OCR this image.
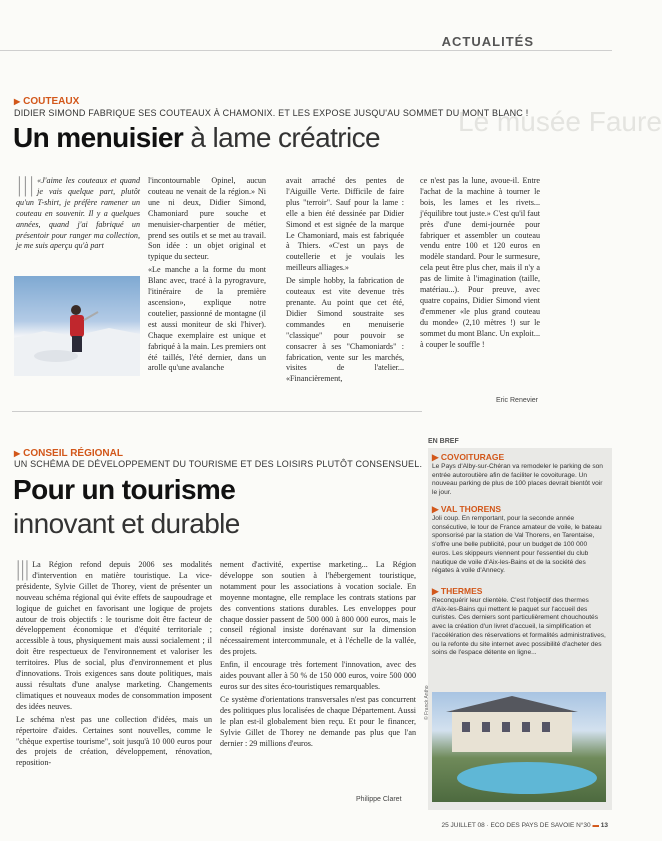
ACTUALITÉS
Le musée Faure
▶ COUTEAUX
DIDIER SIMOND FABRIQUE SES COUTEAUX À CHAMONIX. ET LES EXPOSE JUSQU'AU SOMMET DU MONT BLANC !
Un menuisier à lame créatrice
||| «J'aime les couteaux et quand je vais quelque part, plutôt qu'un T-shirt, je préfère ramener un couteau en souvenir. Il y a quelques années, quand j'ai fabriqué un présentoir pour ranger ma collection, je me suis aperçu qu'à part

l'incontournable Opinel, aucun couteau ne venait de la région.» Ni une ni deux, Didier Simond, Chamoniard pure souche et menuisier-charpentier de métier, prend ses outils et se met au travail. Son idée : un objet original et typique du secteur.

«Le manche a la forme du mont Blanc avec, tracé à la pyrogravure, l'itinéraire de la première ascension», explique notre coutelier, passionné de montagne (il est aussi moniteur de ski l'hiver). Chaque exemplaire est unique et fabriqué à la main. Les premiers ont été taillés, l'été dernier, dans un arolle qu'une avalanche

avait arraché des pentes de l'Aiguille Verte. Difficile de faire plus "terroir". Sauf pour la lame : elle a bien été dessinée par Didier Simond et est signée de la marque Le Chamoniard, mais est fabriquée à Thiers. «C'est un pays de coutellerie et je voulais les meilleurs alliages.»

De simple hobby, la fabrication de couteaux est vite devenue très prenante. Au point que cet été, Didier Simond soustraite ses commandes en menuiserie "classique" pour pouvoir se consacrer à ses "Chamoniards" : fabrication, vente sur les marchés, visites de l'atelier... «Financièrement,

ce n'est pas la lune, avoue-il. Entre l'achat de la machine à tourner le bois, les lames et les rivets... j'équilibre tout juste.» C'est qu'il faut près d'une demi-journée pour fabriquer et assembler un couteau vendu entre 100 et 120 euros en modèle standard. Pour le surmesure, cela peut être plus cher, mais il n'y a pas de limite à l'imagination (taille, matériau...). Pour preuve, avec quatre copains, Didier Simond vient d'emmener «le plus grand couteau du monde» (2,10 mètres !) sur le sommet du mont Blanc. Un exploit... à couper le souffle !

Eric Renevier
▶ CONSEIL RÉGIONAL
UN SCHÉMA DE DÉVELOPPEMENT DU TOURISME ET DES LOISIRS PLUTÔT CONSENSUEL.
Pour un tourisme
innovant et durable
||| La Région refond depuis 2006 ses modalités d'intervention en matière touristique. La vice-présidente, Sylvie Gillet de Thorey, vient de présenter un nouveau schéma régional qui évite effets de saupoudrage et logique de guichet en favorisant une logique de projets autour de trois objectifs : le tourisme doit être facteur de développement économique et d'équité territoriale ; accessible à tous, physiquement mais aussi socialement ; il doit être respectueux de l'environnement et valoriser les territoires. Plus de social, plus d'environnement et plus d'innovations. Trois exigences sans doute politiques, mais aussi résultats d'une analyse marketing. Changements climatiques et nouveaux modes de consommation imposent des idées neuves.

Le schéma n'est pas une collection d'idées, mais un répertoire d'aides. Certaines sont nouvelles, comme le "chèque expertise tourisme", soit jusqu'à 10 000 euros pour des projets de création, développement, rénovation, reposition-

nement d'activité, expertise marketing... La Région développe son soutien à l'hébergement touristique, notamment pour les associations à vocation sociale. En moyenne montagne, elle remplace les contrats stations par des conventions stations durables. Les enveloppes pour chaque dossier passent de 500 000 à 800 000 euros, mais le conseil régional insiste dorénavant sur la dimension nécessairement intercommunale, et à l'échelle de la vallée, des projets.

Enfin, il encourage très fortement l'innovation, avec des aides pouvant aller à 50 % de 150 000 euros, voire 500 000 euros sur des sites éco-touristiques remarquables.

Ce système d'orientations transversales n'est pas concurrent des politiques plus localisées de chaque Département. Aussi le plan est-il globalement bien reçu. Et pour le financer, Sylvie Gillet de Thorey ne demande pas plus que l'an dernier : 29 millions d'euros.

Philippe Claret
EN BREF
▶ COVOITURAGE
Le Pays d'Alby-sur-Chéran va remodeler le parking de son entrée autoroutière afin de faciliter le covoiturage. Un nouveau parking de plus de 100 places devrait bientôt voir le jour.
▶ VAL THORENS
Joli coup. En remportant, pour la seconde année consécutive, le tour de France amateur de voile, le bateau sponsorisé par la station de Val Thorens, en Tarentaise, s'offre une belle publicité, pour un budget de 100 000 euros. Les skippeurs viennent pour l'essentiel du club nautique de voile d'Aix-les-Bains et de la société des régates à voile d'Annecy.
▶ THERMES
Reconquérir leur clientèle. C'est l'objectif des thermes d'Aix-les-Bains qui mettent le paquet sur l'accueil des curistes. Ces derniers sont particulièrement chouchoutés avec la création d'un livret d'accueil, la simplification et l'accélération des réservations et formalités administratives, ou la refonte du site internet avec possibilité d'acheter des soins de l'espace détente en ligne...
© Franck Antho
25 JUILLET 08 · ECO DES PAYS DE SAVOIE N°30 ▬ 13
